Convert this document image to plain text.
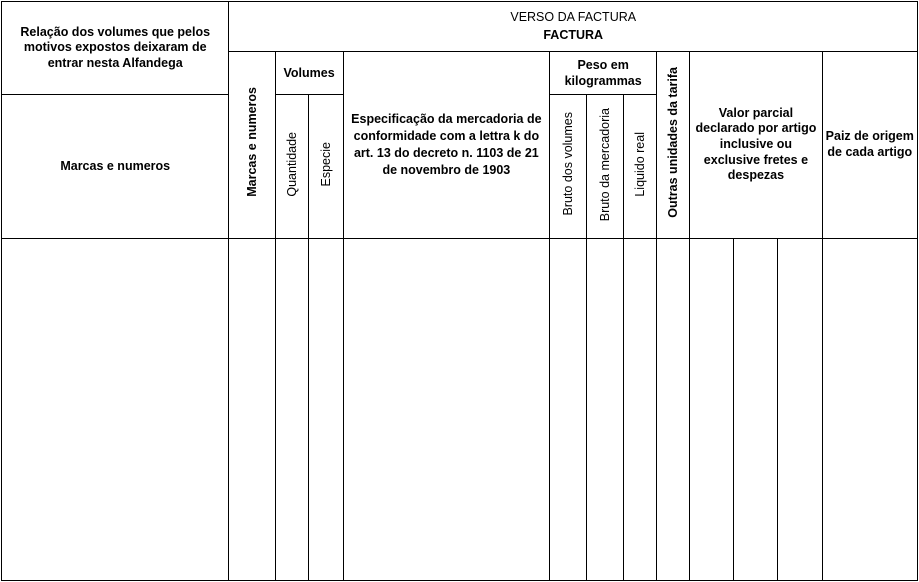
Relação dos volumes que pelos motivos expostos deixaram de entrar nesta Alfandega	VERSO DA FACTURA
FACTURA											

	Marcas e numeros	Volumes		Especificação da mercadoria de conformidade com a lettra k do art. 13 do decreto n. 1103 de 21 de novembro de 1903	Peso em kilogrammas			Outras unidades da tarifa	Valor parcial declarado por artigo inclusive ou exclusive fretes e despezas			Paiz de origem de cada artigo
Marcas e numeros		Quantidade	Especie		Bruto dos volumes	Bruto da mercadoria	Liquido real					
